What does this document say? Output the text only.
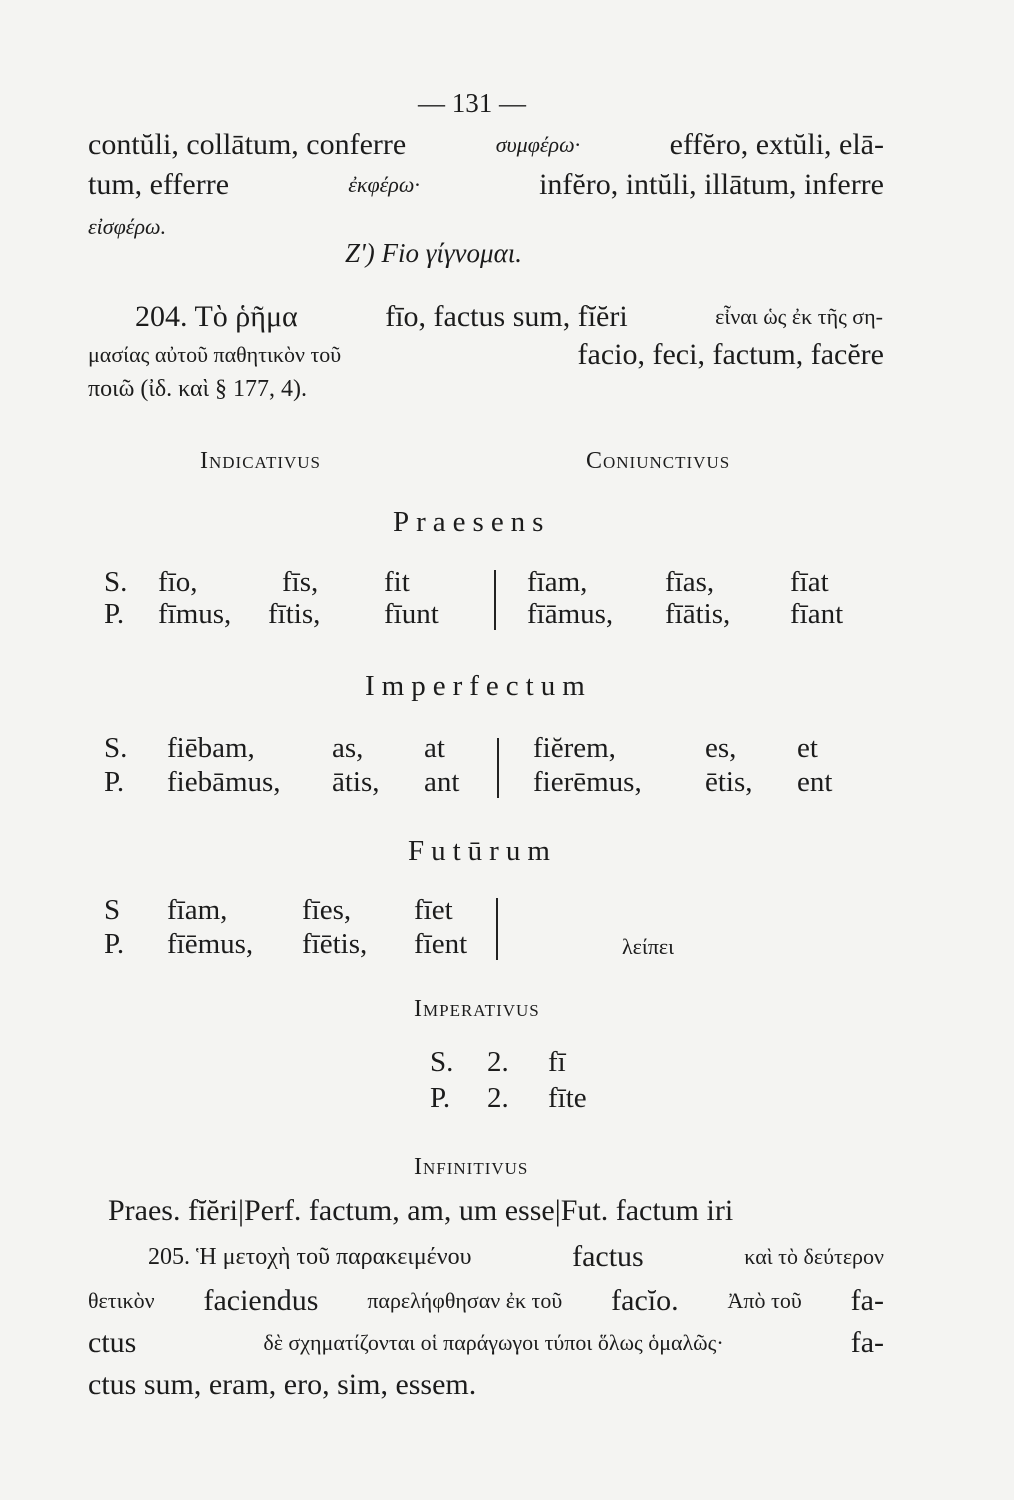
— 131 —
contŭli, collātum, conferre	συμφέρω·	effĕro, extŭli, elā-
tum, efferre	ἐκφέρω·	infĕro, intŭli, illātum, inferre
εἰσφέρω.
Z') Fio γίγνομαι.
204. Τὸ ῥῆμα	fīo, factus sum, fĭĕri	εἶναι ὡς ἐκ τῆς ση-
μασίας αὐτοῦ παθητικὸν τοῦ	facio, feci, factum, facĕre
ποιῶ (ἰδ. καὶ § 177, 4).
Indicativus	Coniunctivus
Praesens
S. fīo,	fīs, fit	fīam,	fīas,	fīat
P. fīmus, fītis, fīunt	fīāmus, fīātis, fīant
Imperfectum
S. fiēbam,	as, at	fiĕrem,	es, et
P. fiebāmus, ātis, ant	fierēmus, ētis, ent
Futūrum
S fīam,	fīes, fīet
P. fīēmus, fīētis, fīent	λείπει
Imperativus
S. 2. fī
P. 2. fīte
Infinitivus
Praes. fĭĕri|Perf. factum, am, um esse|Fut. factum iri
205. Ἡ μετοχὴ τοῦ παρακειμένου	factus	καὶ τὸ δεύτερον
θετικὸν faciendus παρελήφθησαν ἐκ τοῦ facĭo. Ἀπὸ τοῦ fa-
ctus	δὲ σχηματίζονται οἱ παράγωγοι τύποι ὅλως ὁμαλῶς·	fa-
ctus sum, eram, ero, sim, essem.
